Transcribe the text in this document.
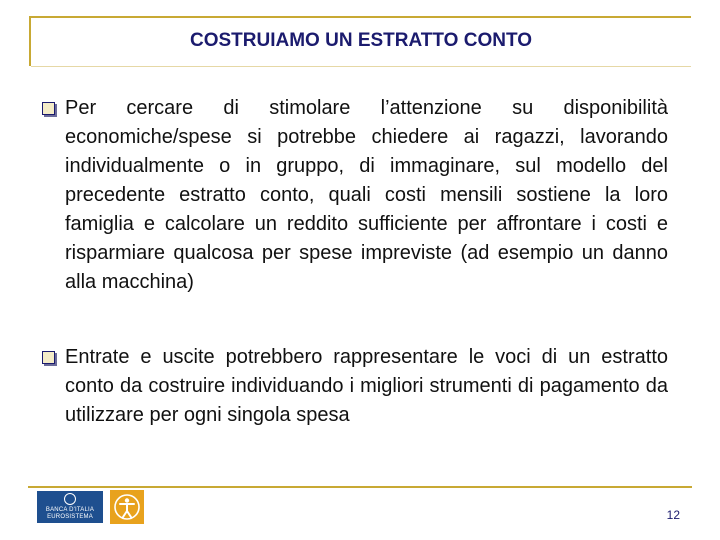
COSTRUIAMO UN ESTRATTO CONTO
Per cercare di stimolare l’attenzione su disponibilità economiche/spese si potrebbe chiedere ai ragazzi, lavorando individualmente o in gruppo, di immaginare, sul modello del precedente estratto conto, quali costi mensili sostiene la loro famiglia e calcolare un reddito sufficiente per affrontare i costi e risparmiare qualcosa per spese impreviste (ad esempio un danno alla macchina)
Entrate e uscite potrebbero rappresentare le voci di un estratto conto da costruire individuando i migliori strumenti di pagamento da utilizzare per ogni singola spesa
BANCA D'ITALIA
EUROSISTEMA	12
